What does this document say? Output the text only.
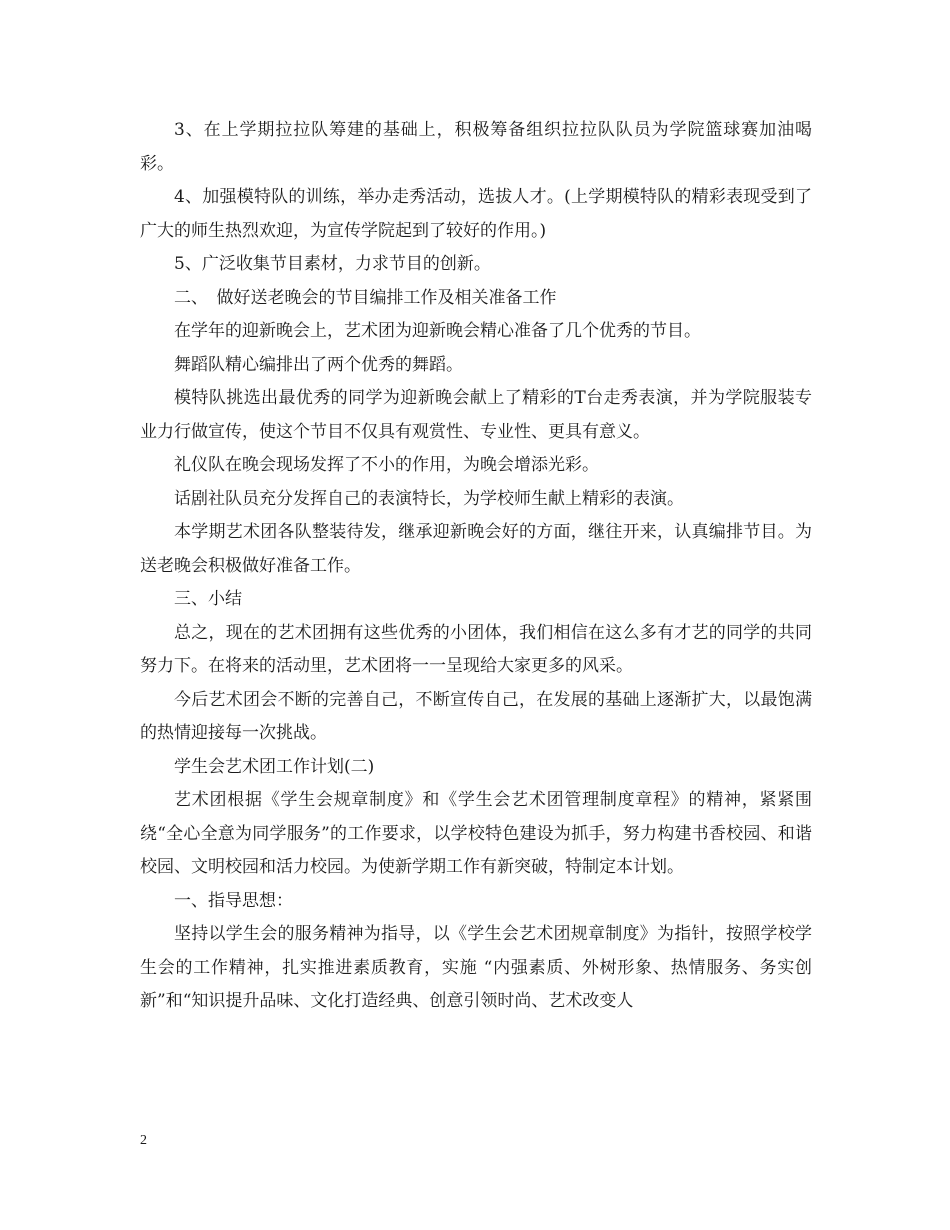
3、在上学期拉拉队筹建的基础上，积极筹备组织拉拉队队员为学院篮球赛加油喝彩。

4、加强模特队的训练，举办走秀活动，选拔人才。(上学期模特队的精彩表现受到了广大的师生热烈欢迎，为宣传学院起到了较好的作用。)

5、广泛收集节目素材，力求节目的创新。

二、　做好送老晚会的节目编排工作及相关准备工作

在学年的迎新晚会上，艺术团为迎新晚会精心准备了几个优秀的节目。

舞蹈队精心编排出了两个优秀的舞蹈。

模特队挑选出最优秀的同学为迎新晚会献上了精彩的T台走秀表演，并为学院服装专业力行做宣传，使这个节目不仅具有观赏性、专业性、更具有意义。

礼仪队在晚会现场发挥了不小的作用，为晚会增添光彩。

话剧社队员充分发挥自己的表演特长，为学校师生献上精彩的表演。

本学期艺术团各队整装待发，继承迎新晚会好的方面，继往开来，认真编排节目。为送老晚会积极做好准备工作。

三、小结

总之，现在的艺术团拥有这些优秀的小团体，我们相信在这么多有才艺的同学的共同努力下。在将来的活动里，艺术团将一一呈现给大家更多的风采。

今后艺术团会不断的完善自己，不断宣传自己，在发展的基础上逐渐扩大，以最饱满的热情迎接每一次挑战。

学生会艺术团工作计划(二)

艺术团根据《学生会规章制度》和《学生会艺术团管理制度章程》的精神，紧紧围绕“全心全意为同学服务”的工作要求，以学校特色建设为抓手，努力构建书香校园、和谐校园、文明校园和活力校园。为使新学期工作有新突破，特制定本计划。

一、指导思想：

坚持以学生会的服务精神为指导，以《学生会艺术团规章制度》为指针，按照学校学生会的工作精神，扎实推进素质教育，实施 “内强素质、外树形象、热情服务、务实创新”和“知识提升品味、文化打造经典、创意引领时尚、艺术改变人

2
